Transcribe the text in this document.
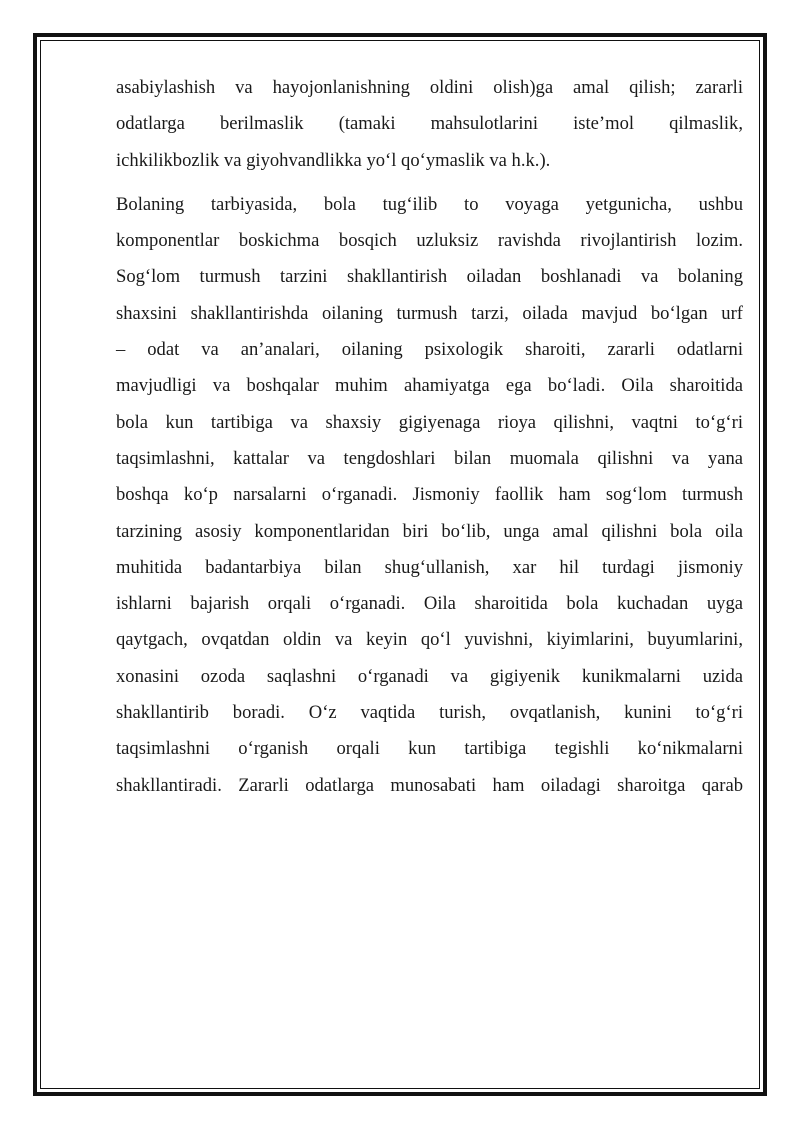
asabiylashish va hayojonlanishning oldini olish)ga amal qilish; zararli
odatlarga berilmaslik (tamaki mahsulotlarini iste’mol qilmaslik,
ichkilikbozlik va giyohvandlikka yo‘l qo‘ymaslik va h.k.).
Bolaning tarbiyasida, bola tug‘ilib to voyaga yetgunicha, ushbu
komponentlar boskichma bosqich uzluksiz ravishda rivojlantirish lozim.
Sog‘lom turmush tarzini shakllantirish oiladan boshlanadi va bolaning
shaxsini shakllantirishda oilaning turmush tarzi, oilada mavjud bo‘lgan urf
– odat va an’analari, oilaning psixologik sharoiti, zararli odatlarni
mavjudligi va boshqalar muhim ahamiyatga ega bo‘ladi. Oila sharoitida
bola kun tartibiga va shaxsiy gigiyenaga rioya qilishni, vaqtni to‘g‘ri
taqsimlashni, kattalar va tengdoshlari bilan muomala qilishni va yana
boshqa ko‘p narsalarni o‘rganadi. Jismoniy faollik ham sog‘lom turmush
tarzining asosiy komponentlaridan biri bo‘lib, unga amal qilishni bola oila
muhitida badantarbiya bilan shug‘ullanish, xar hil turdagi jismoniy
ishlarni bajarish orqali o‘rganadi. Oila sharoitida bola kuchadan uyga
qaytgach, ovqatdan oldin va keyin qo‘l yuvishni, kiyimlarini, buyumlarini,
xonasini ozoda saqlashni o‘rganadi va gigiyenik kunikmalarni uzida
shakllantirib boradi. O‘z vaqtida turish, ovqatlanish, kunini to‘g‘ri
taqsimlashni o‘rganish orqali kun tartibiga tegishli ko‘nikmalarni
shakllantiradi. Zararli odatlarga munosabati ham oiladagi sharoitga qarab
